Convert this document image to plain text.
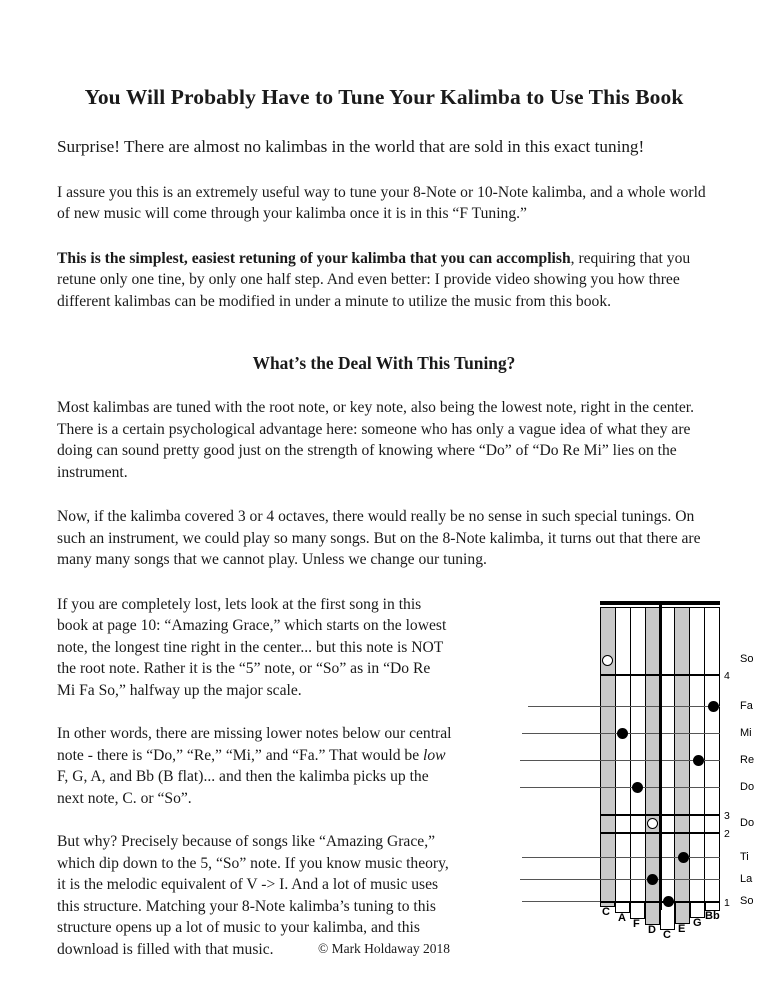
You Will Probably Have to Tune Your Kalimba to Use This Book

Surprise! There are almost no kalimbas in the world that are sold in this exact tuning!

I assure you this is an extremely useful way to tune your 8-Note or 10-Note kalimba, and a whole world of new music will come through your kalimba once it is in this “F Tuning.”

This is the simplest, easiest retuning of your kalimba that you can accomplish, requiring that you retune only one tine, by only one half step. And even better: I provide video showing you how three different kalimbas can be modified in under a minute to utilize the music from this book.

What’s the Deal With This Tuning?

Most kalimbas are tuned with the root note, or key note, also being the lowest note, right in the center. There is a certain psychological advantage here: someone who has only a vague idea of what they are doing can sound pretty good just on the strength of knowing where “Do” of “Do Re Mi” lies on the instrument.

Now, if the kalimba covered 3 or 4 octaves, there would really be no sense in such special tunings. On such an instrument, we could play so many songs. But on the 8-Note kalimba, it turns out that there are many many songs that we cannot play. Unless we change our tuning.

If you are completely lost, lets look at the first song in this book at page 10: “Amazing Grace,” which starts on the lowest note, the longest tine right in the center... but this note is NOT the root note. Rather it is the “5” note, or “So” as in “Do Re Mi Fa So,” halfway up the major scale.

In other words, there are missing lower notes below our central note - there is “Do,” “Re,” “Mi,” and “Fa.” That would be low F, G, A, and Bb (B flat)... and then the kalimba picks up the next note, C. or “So”.

But why? Precisely because of songs like “Amazing Grace,” which dip down to the 5, “So” note. If you know music theory, it is the melodic equivalent of V -> I. And a lot of music uses this structure. Matching your 8-Note kalimba’s tuning to this structure opens up a lot of music to your kalimba, and this download is filled with that music.

C A F D C E G
Bb
4
3
2
1
So
Fa
Mi
Re
Do
Do
Ti
La
So
© Mark Holdaway 2018
